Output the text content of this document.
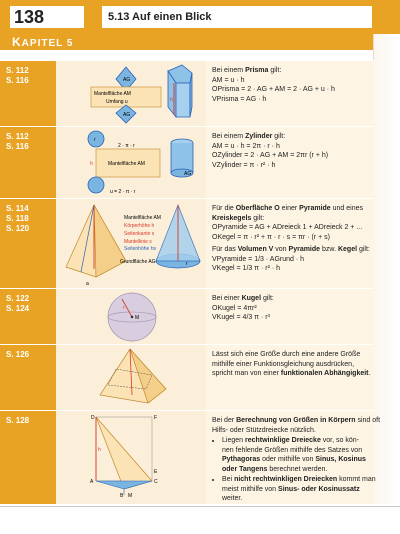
138	5.13 Auf einen Blick
KAPITEL 5
S. 112
S. 116
Mantelfläche AM
Umfang u
AG
AG
h
Bei einem Prisma gilt:
AM = u · h
OPrisma = 2 · AG + AM = 2 · AG + u · h
VPrisma = AG · h
S. 112
S. 116
r
2 · π · r
Mantelfläche AM
h
u = 2 · π · r
AG
Bei einem Zylinder gilt:
AM = u · h = 2π · r · h
OZylinder = 2 · AG + AM = 2πr (r + h)
VZylinder = π · r² · h
S. 114
S. 118
S. 120
Mantelfläche AM
Körperhöhe h
Seitenkante s
Mantellinie s
Seitenhöhe hs
Grundfläche AG
a
r
Für die Oberfläche O einer Pyramide und eines
Kreiskegels gilt:
OPyramide = AG + ADreieck 1 + ADreieck 2 + ...
OKegel = π · r² + π · r · s = πr · (r + s)
Für das Volumen V von Pyramide bzw. Kegel gilt:
VPyramide = 1/3 · AGrund · h
VKegel = 1/3 π · r² · h
S. 122
S. 124	r
M
Bei einer Kugel gilt:
OKugel = 4πr²
VKugel = 4/3 π · r³
S. 126	Lässt sich eine Größe durch eine andere Größe
mithilfe einer Funktionsgleichung ausdrücken,
spricht man von einer funktionalen Abhängigkeit.
S. 128	D	F
A
B
C
E
M
h
Bei der Berechnung von Größen in Körpern sind oft
Hilfs- oder Stützdreiecke nützlich.
• Liegen rechtwinklige Dreiecke vor, so kön-
nen fehlende Größen mithilfe des Satzes von
Pythagoras oder mithilfe von Sinus, Kosinus
oder Tangens berechnet werden.
• Bei nicht rechtwinkligen Dreiecken kommt man
meist mithilfe von Sinus- oder Kosinussatz
weiter.
